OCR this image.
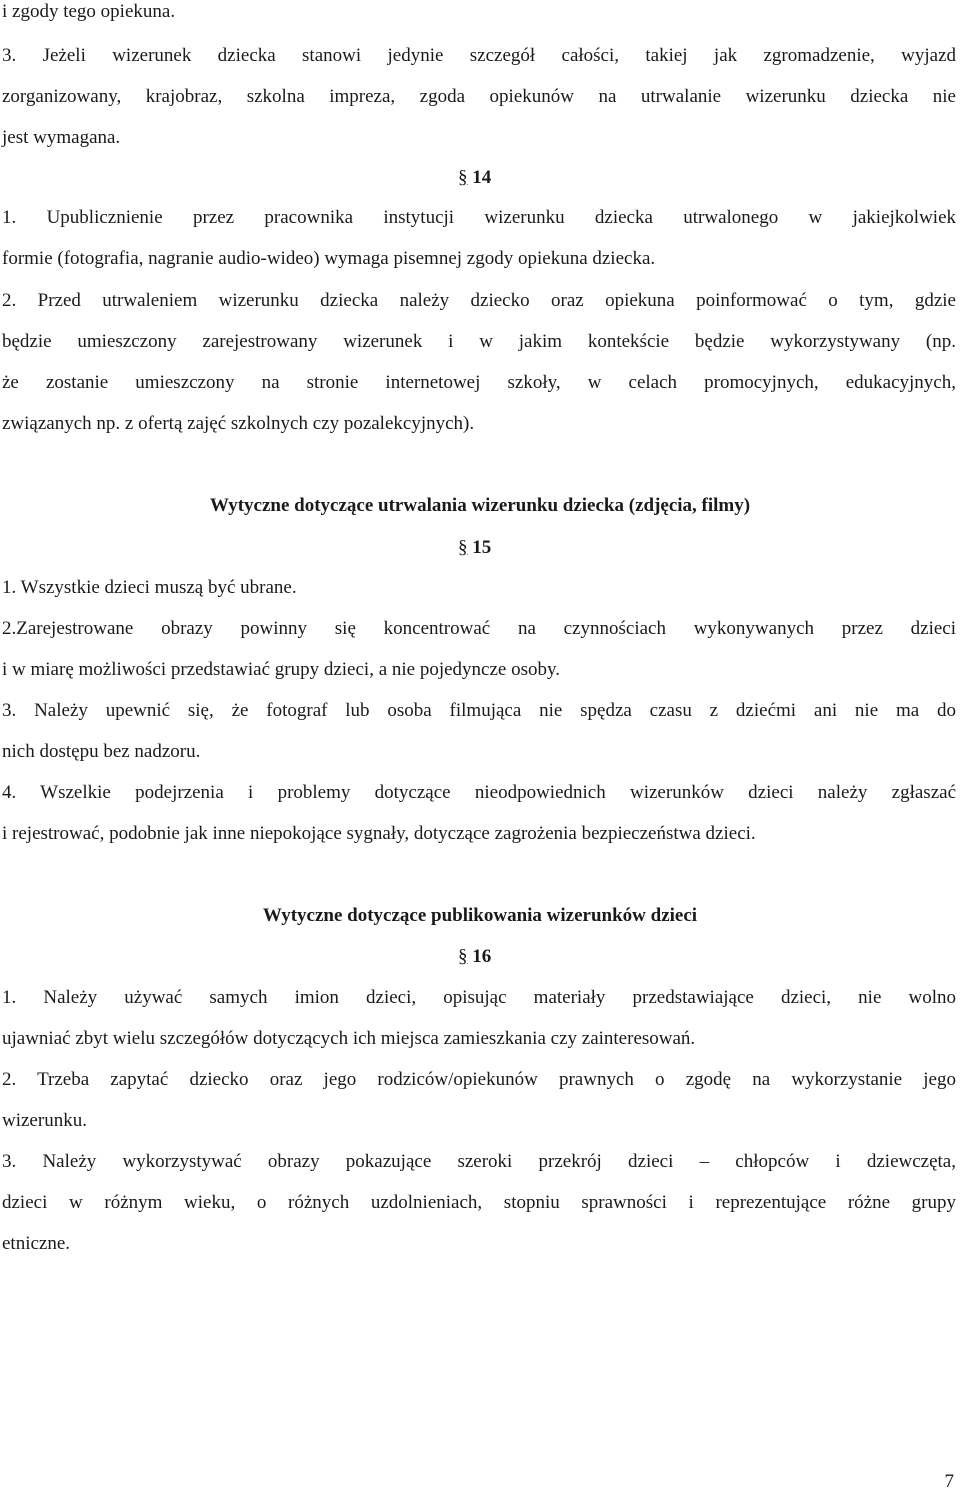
i zgody tego opiekuna.
3. Jeżeli wizerunek dziecka stanowi jedynie szczegół całości, takiej jak zgromadzenie, wyjazd
zorganizowany, krajobraz, szkolna impreza, zgoda opiekunów na utrwalanie wizerunku dziecka nie
jest wymagana.
§ 14
1. Upublicznienie przez pracownika instytucji wizerunku dziecka utrwalonego w jakiejkolwiek
formie (fotografia, nagranie audio-wideo) wymaga pisemnej zgody opiekuna dziecka.
2. Przed utrwaleniem wizerunku dziecka należy dziecko oraz opiekuna poinformować o tym, gdzie
będzie umieszczony zarejestrowany wizerunek i w jakim kontekście będzie wykorzystywany (np.
że zostanie umieszczony na stronie internetowej szkoły, w celach promocyjnych, edukacyjnych,
związanych np. z ofertą zajęć szkolnych czy pozalekcyjnych).
Wytyczne dotyczące utrwalania wizerunku dziecka (zdjęcia, filmy)
§ 15
1. Wszystkie dzieci muszą być ubrane.
2.Zarejestrowane obrazy powinny się koncentrować na czynnościach wykonywanych przez dzieci
i w miarę możliwości przedstawiać grupy dzieci, a nie pojedyncze osoby.
3. Należy upewnić się, że fotograf lub osoba filmująca nie spędza czasu z dziećmi ani nie ma do
nich dostępu bez nadzoru.
4. Wszelkie podejrzenia i problemy dotyczące nieodpowiednich wizerunków dzieci należy zgłaszać
i rejestrować, podobnie jak inne niepokojące sygnały, dotyczące zagrożenia bezpieczeństwa dzieci.
Wytyczne dotyczące publikowania wizerunków dzieci
§ 16
1. Należy używać samych imion dzieci, opisując materiały przedstawiające dzieci, nie wolno
ujawniać zbyt wielu szczegółów dotyczących ich miejsca zamieszkania czy zainteresowań.
2. Trzeba zapytać dziecko oraz jego rodziców/opiekunów prawnych o zgodę na wykorzystanie jego
wizerunku.
3. Należy wykorzystywać obrazy pokazujące szeroki przekrój dzieci – chłopców i dziewczęta,
dzieci w różnym wieku, o różnych uzdolnieniach, stopniu sprawności i reprezentujące różne grupy
etniczne.
7
